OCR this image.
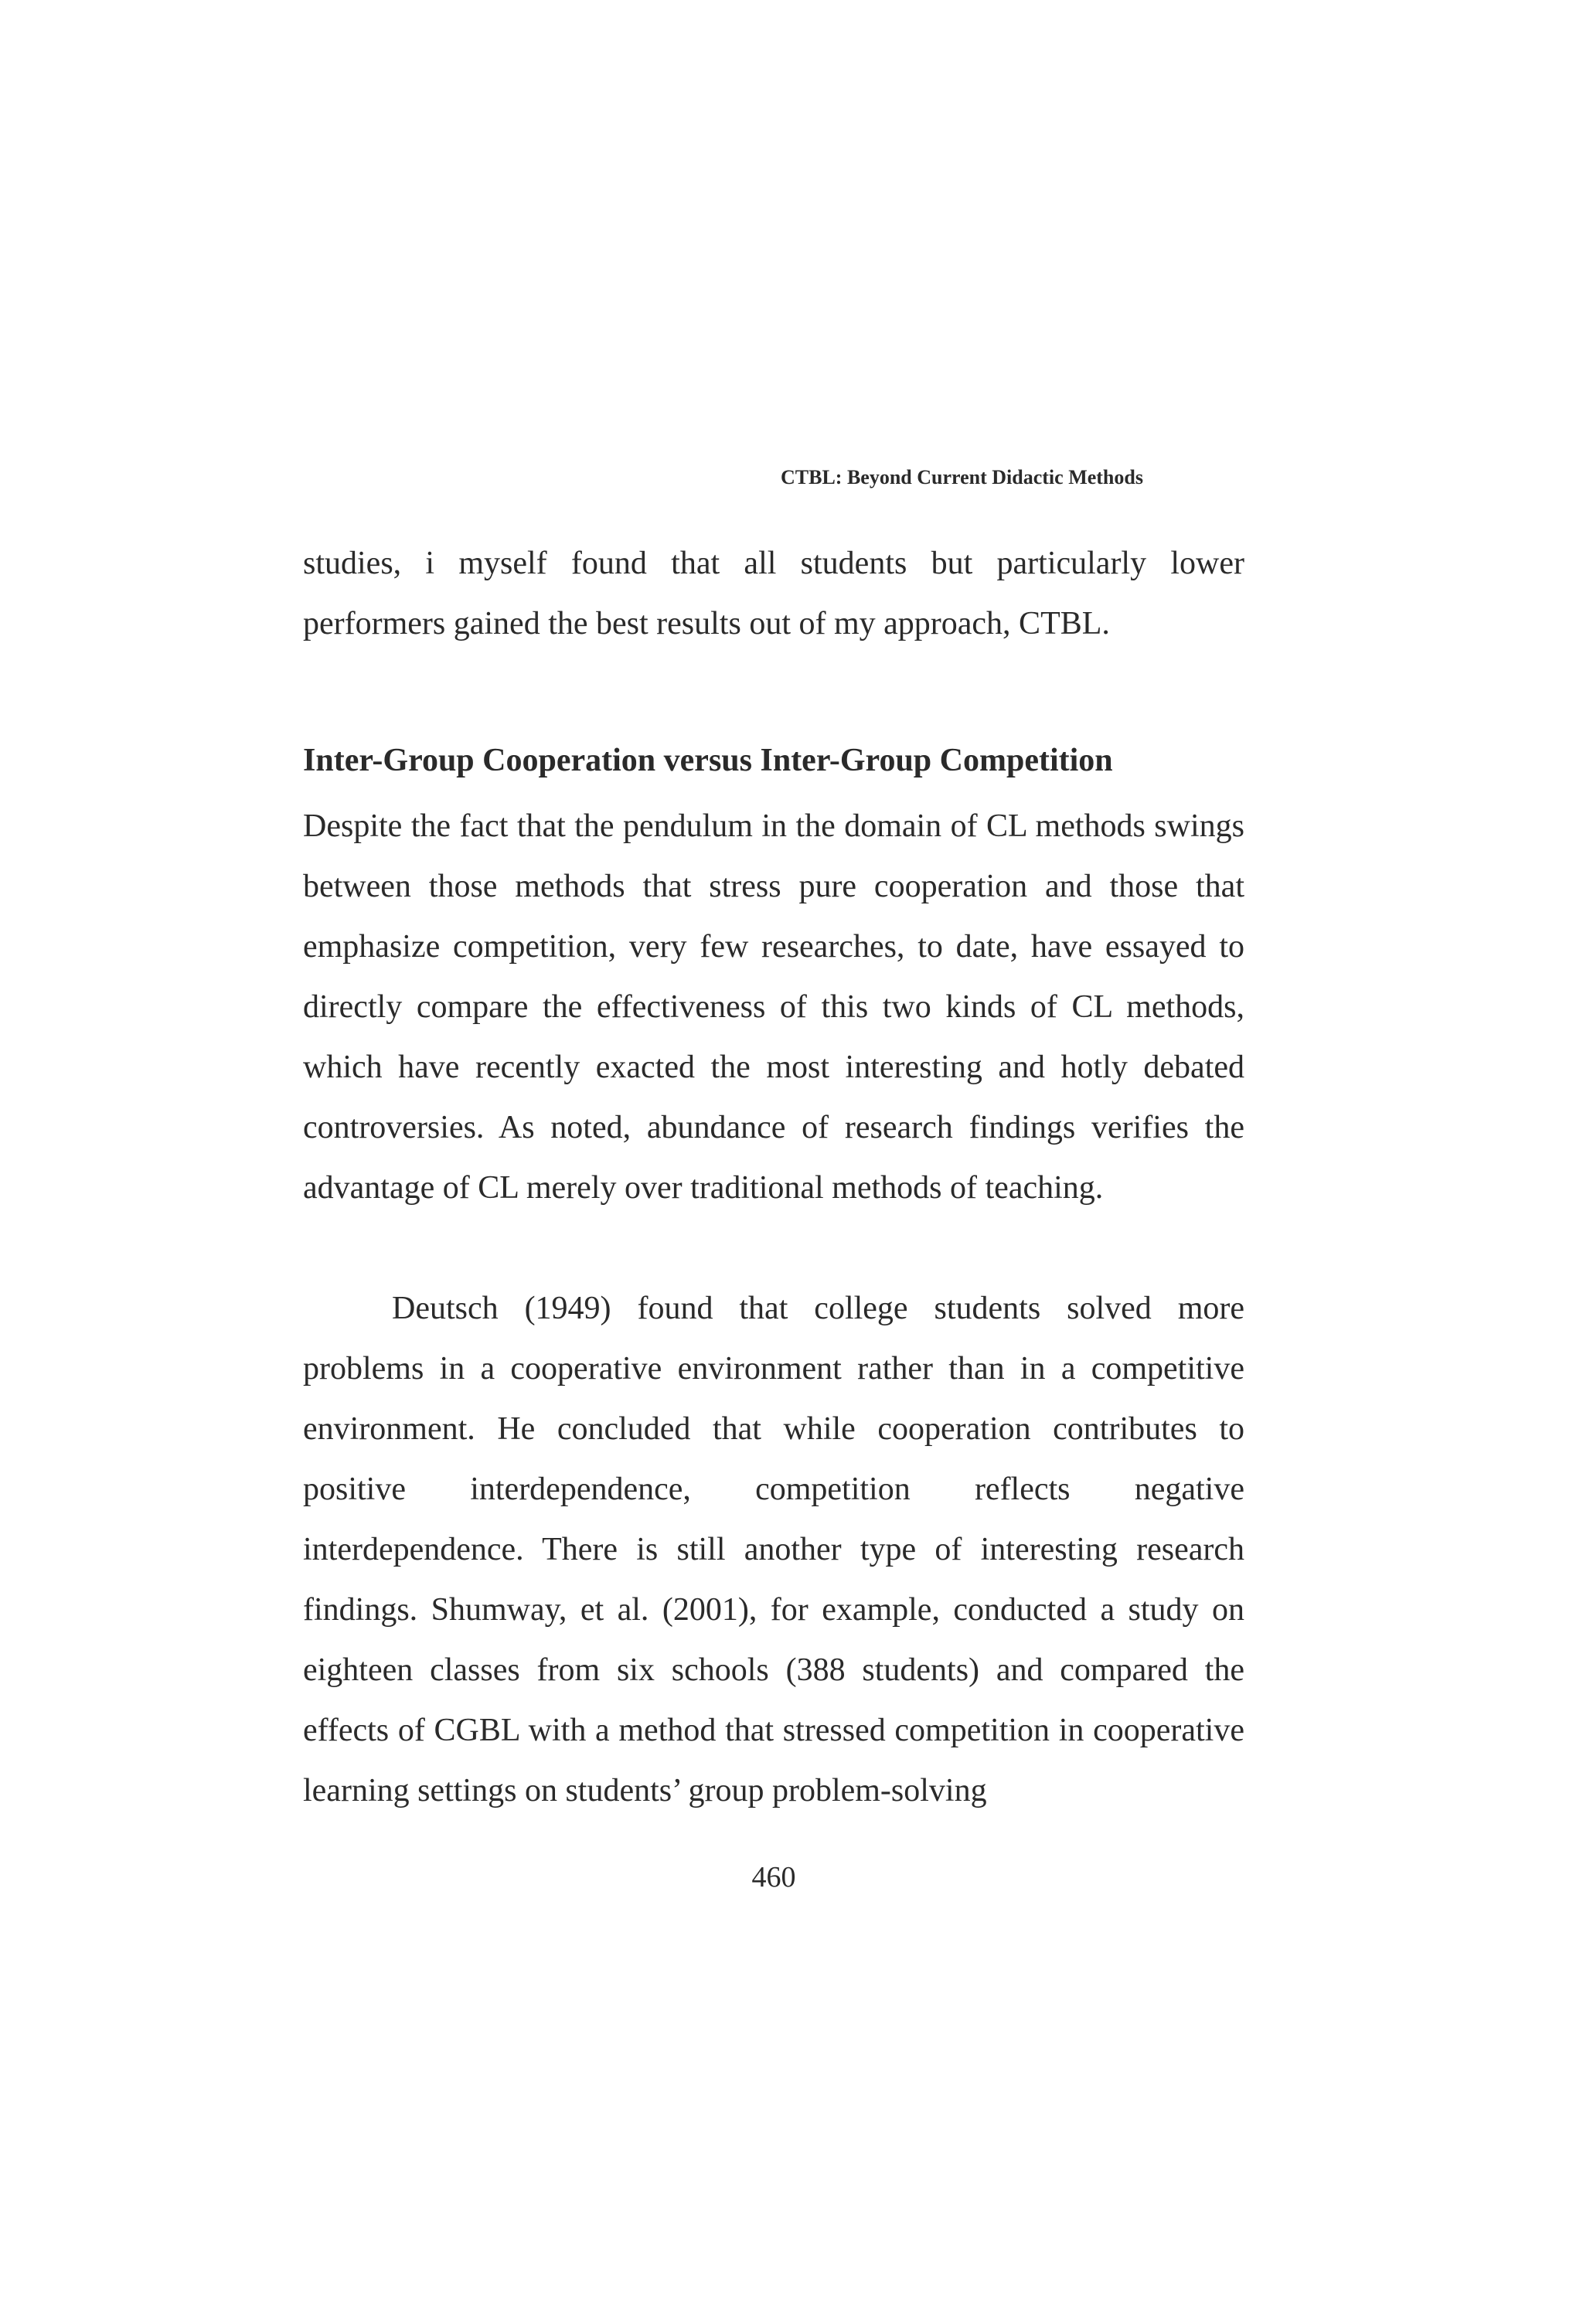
CTBL: Beyond Current Didactic Methods

studies, i myself found that all students but particularly lower performers gained the best results out of my approach, CTBL.

Inter-Group Cooperation versus Inter-Group Competition

Despite the fact that the pendulum in the domain of CL methods swings between those methods that stress pure cooperation and those that emphasize competition, very few researches, to date, have essayed to directly compare the effectiveness of this two kinds of CL methods, which have recently exacted the most interesting and hotly debated controversies. As noted, abundance of research findings verifies the advantage of CL merely over traditional methods of teaching.

Deutsch (1949) found that college students solved more problems in a cooperative environment rather than in a competitive environment. He concluded that while cooperation contributes to positive interdependence, competition reflects negative interdependence. There is still another type of interesting research findings. Shumway, et al. (2001), for example, conducted a study on eighteen classes from six schools (388 students) and compared the effects of CGBL with a method that stressed competition in cooperative learning settings on students’ group problem-solving

460
